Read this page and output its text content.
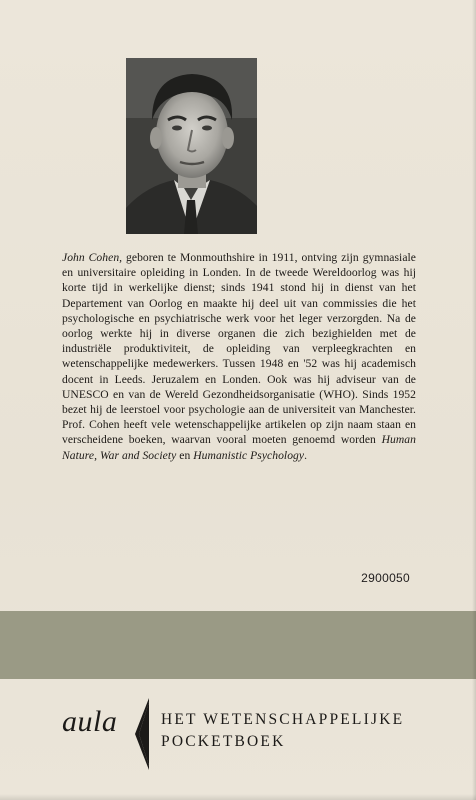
John Cohen, geboren te Monmouthshire in 1911, ontving zijn gymnasiale en universitaire opleiding in Londen. In de tweede Wereldoorlog was hij korte tijd in werkelijke dienst; sinds 1941 stond hij in dienst van het Departement van Oorlog en maakte hij deel uit van commissies die het psychologische en psychiatrische werk voor het leger verzorgden. Na de oorlog werkte hij in diverse organen die zich bezighielden met de industriële produktiviteit, de opleiding van verpleegkrachten en wetenschappelijke medewerkers. Tussen 1948 en '52 was hij academisch docent in Leeds. Jeruzalem en Londen. Ook was hij adviseur van de UNESCO en van de Wereld Gezondheidsorganisatie (WHO). Sinds 1952 bezet hij de leerstoel voor psychologie aan de universiteit van Manchester. Prof. Cohen heeft vele wetenschappelijke artikelen op zijn naam staan en verscheidene boeken, waarvan vooral moeten genoemd worden Human Nature, War and Society en Humanistic Psychology.

2900050
aula	HET WETENSCHAPPELIJKE
POCKETBOEK
